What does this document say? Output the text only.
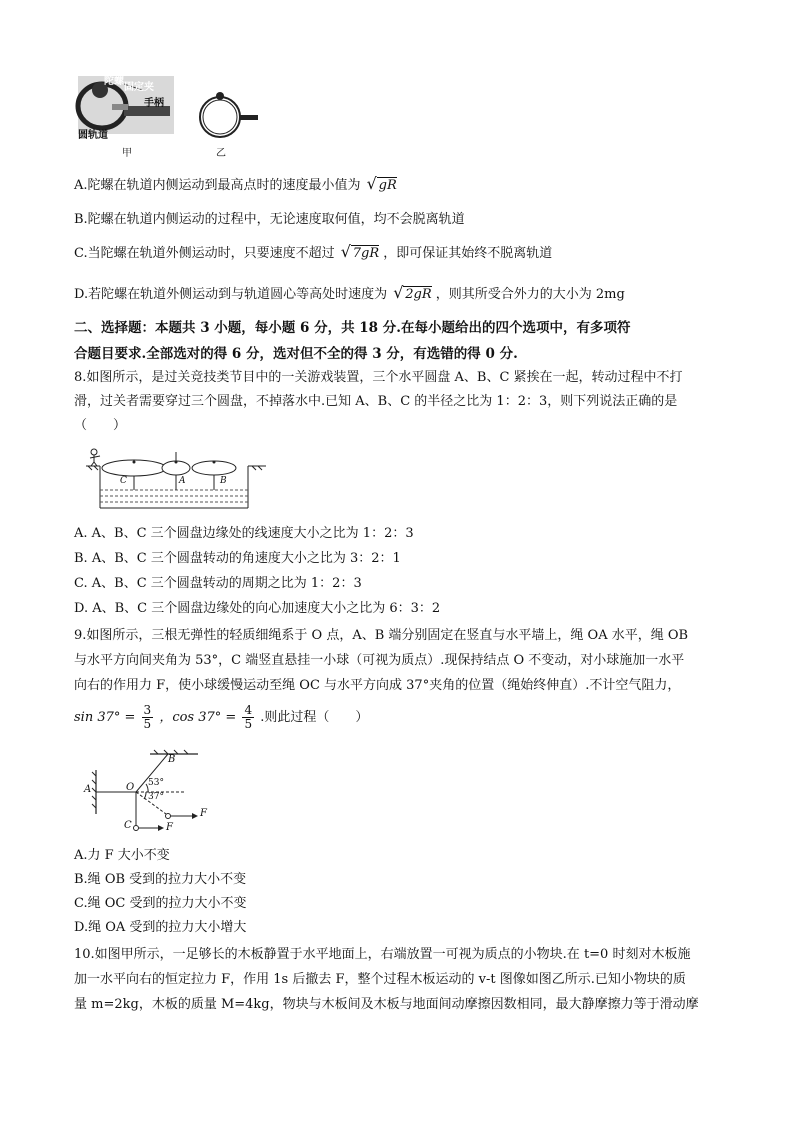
陀螺
固定夹
手柄
圆轨道
甲	乙
A.陀螺在轨道内侧运动到最高点时的速度最小值为 √ gR
B.陀螺在轨道内侧运动的过程中，无论速度取何值，均不会脱离轨道
C.当陀螺在轨道外侧运动时，只要速度不超过 √ 7gR ，即可保证其始终不脱离轨道
D.若陀螺在轨道外侧运动到与轨道圆心等高处时速度为 √ 2gR ，则其所受合外力的大小为 2mg
二、选择题：本题共 3 小题，每小题 6 分，共 18 分.在每小题给出的四个选项中，有多项符
合题目要求.全部选对的得 6 分，选对但不全的得 3 分，有选错的得 0 分.
8.如图所示，是过关竞技类节目中的一关游戏装置，三个水平圆盘 A、B、C 紧挨在一起，转动过程中不打
滑，过关者需要穿过三个圆盘，不掉落水中.已知 A、B、C 的半径之比为 1：2：3，则下列说法正确的是
（　　）
C	A	B
A. A、B、C 三个圆盘边缘处的线速度大小之比为 1：2：3
B. A、B、C 三个圆盘转动的角速度大小之比为 3：2：1
C. A、B、C 三个圆盘转动的周期之比为 1：2：3
D. A、B、C 三个圆盘边缘处的向心加速度大小之比为 6：3：2
9.如图所示，三根无弹性的轻质细绳系于 O 点，A、B 端分别固定在竖直与水平墙上，绳 OA 水平，绳 OB
与水平方向间夹角为 53°，C 端竖直悬挂一小球（可视为质点）.现保持结点 O 不变动，对小球施加一水平
向右的作用力 F，使小球缓慢运动至绳 OC 与水平方向成 37°夹角的位置（绳始终伸直）.不计空气阻力，
$\sin 37^\circ = \frac{3}{5}$ ，$\cos 37^\circ = \frac{4}{5}$ .则此过程（　　）
A
B
O
C
F
F
53°
37°
A.力 F 大小不变
B.绳 OB 受到的拉力大小不变
C.绳 OC 受到的拉力大小不变
D.绳 OA 受到的拉力大小增大
10.如图甲所示，一足够长的木板静置于水平地面上，右端放置一可视为质点的小物块.在 t=0 时刻对木板施
加一水平向右的恒定拉力 F，作用 1s 后撤去 F，整个过程木板运动的 v-t 图像如图乙所示.已知小物块的质
量 m=2kg，木板的质量 M=4kg，物块与木板间及木板与地面间动摩擦因数相同，最大静摩擦力等于滑动摩
